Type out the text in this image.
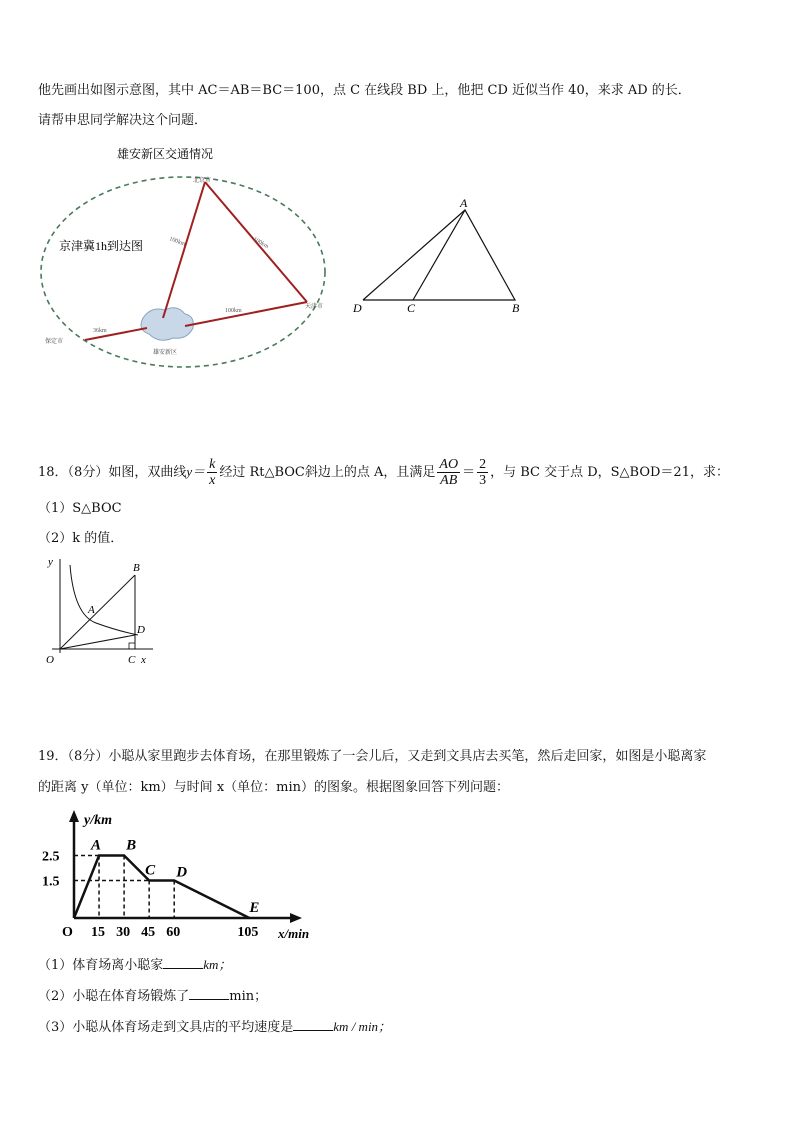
他先画出如图示意图，其中 AC＝AB＝BC＝100，点 C 在线段 BD 上，他把 CD 近似当作 40，来求 AD 的长．
请帮申思同学解决这个问题．
雄安新区交通情况
京津冀1h到达图
北京市
天津市
保定市
雄安新区
100km	100km
100km
36km
A
D	C	B
18．（8分）如图，双曲线$y= \frac{k}{x}$ 经过 Rt△BOC斜边上的点 A，且满足 $\frac{AO}{AB} = \frac{2}{3}$ ，与 BC 交于点 D，S△BOD＝21，求：
（1）S△BOC
（2）k 的值．
y	B
A
D
O	C x
19．（8分）小聪从家里跑步去体育场，在那里锻炼了一会儿后，又走到文具店去买笔，然后走回家，如图是小聪离家
的距离 y（单位：km）与时间 x（单位：min）的图象。根据图象回答下列问题：
y/km
x/min
O
2.5
1.5
A B
C D
E
15 30 45 60	105
（1）体育场离小聪家	km；
（2）小聪在体育场锻炼了	min；
（3）小聪从体育场走到文具店的平均速度是	km / min；
